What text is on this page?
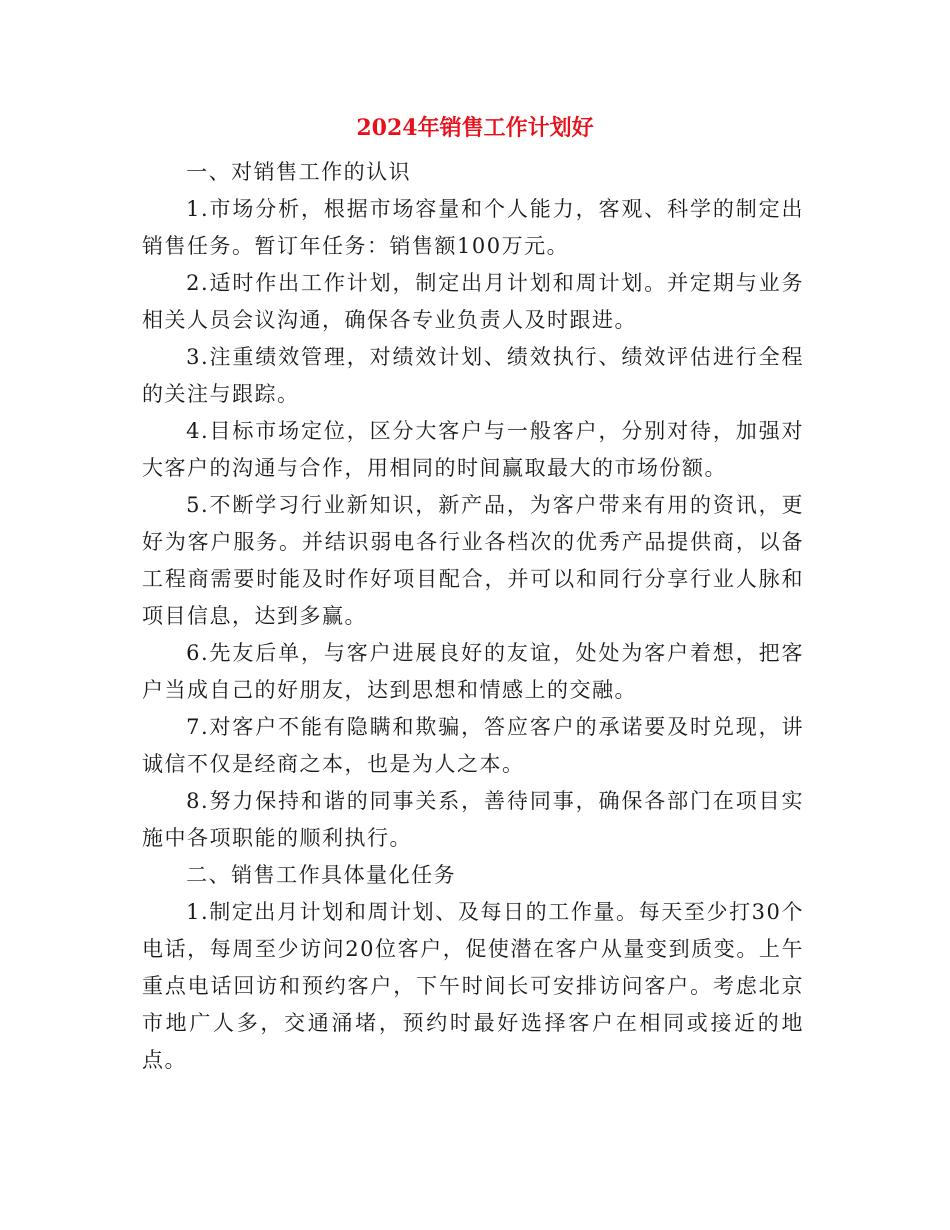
2024年销售工作计划好

一、对销售工作的认识

1.市场分析，根据市场容量和个人能力，客观、科学的制定出销售任务。暂订年任务：销售额100万元。

2.适时作出工作计划，制定出月计划和周计划。并定期与业务相关人员会议沟通，确保各专业负责人及时跟进。

3.注重绩效管理，对绩效计划、绩效执行、绩效评估进行全程的关注与跟踪。

4.目标市场定位，区分大客户与一般客户，分别对待，加强对大客户的沟通与合作，用相同的时间赢取最大的市场份额。

5.不断学习行业新知识，新产品，为客户带来有用的资讯，更好为客户服务。并结识弱电各行业各档次的优秀产品提供商，以备工程商需要时能及时作好项目配合，并可以和同行分享行业人脉和项目信息，达到多赢。

6.先友后单，与客户进展良好的友谊，处处为客户着想，把客户当成自己的好朋友，达到思想和情感上的交融。

7.对客户不能有隐瞒和欺骗，答应客户的承诺要及时兑现，讲诚信不仅是经商之本，也是为人之本。

8.努力保持和谐的同事关系，善待同事，确保各部门在项目实施中各项职能的顺利执行。

二、销售工作具体量化任务

1.制定出月计划和周计划、及每日的工作量。每天至少打30个电话，每周至少访问20位客户，促使潜在客户从量变到质变。上午重点电话回访和预约客户，下午时间长可安排访问客户。考虑北京市地广人多，交通涌堵，预约时最好选择客户在相同或接近的地点。
